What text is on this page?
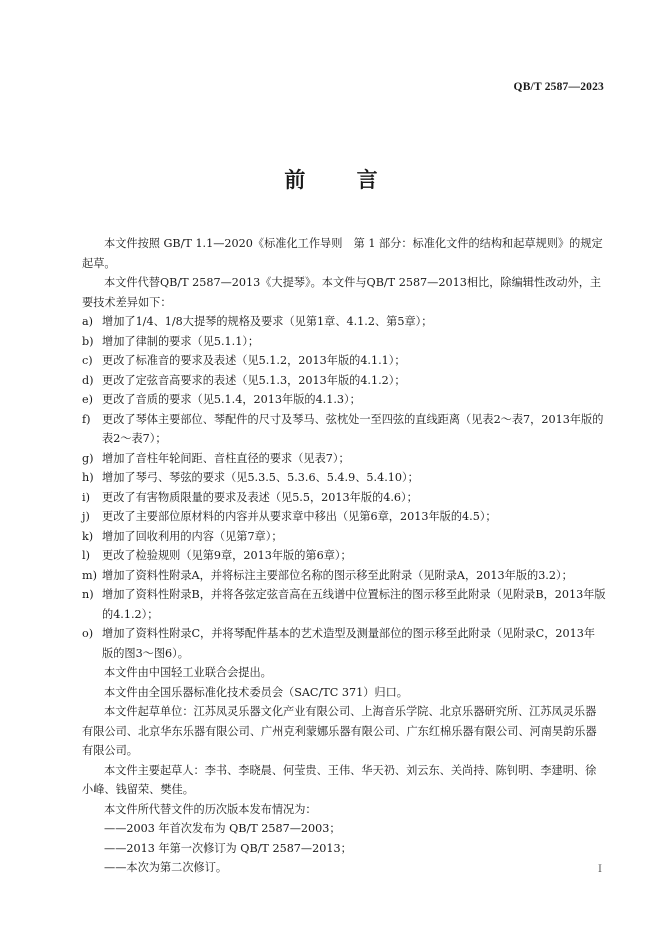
QB/T 2587—2023
前 言

本文件按照 GB/T 1.1—2020《标准化工作导则　第 1 部分：标准化文件的结构和起草规则》的规定起草。

本文件代替QB/T 2587—2013《大提琴》。本文件与QB/T 2587—2013相比，除编辑性改动外，主要技术差异如下：

a) 增加了1/4、1/8大提琴的规格及要求（见第1章、4.1.2、第5章）；
b) 增加了律制的要求（见5.1.1）；
c) 更改了标准音的要求及表述（见5.1.2，2013年版的4.1.1）；
d) 更改了定弦音高要求的表述（见5.1.3，2013年版的4.1.2）；
e) 更改了音质的要求（见5.1.4，2013年版的4.1.3）；
f)	更改了琴体主要部位、琴配件的尺寸及琴马、弦枕处一至四弦的直线距离（见表2～表7，2013年版的表2～表7）；
g) 增加了音柱年轮间距、音柱直径的要求（见表7）；
h) 增加了琴弓、琴弦的要求（见5.3.5、5.3.6、5.4.9、5.4.10）；
i)	更改了有害物质限量的要求及表述（见5.5，2013年版的4.6）；
j)	更改了主要部位原材料的内容并从要求章中移出（见第6章，2013年版的4.5）；
k) 增加了回收利用的内容（见第7章）；
l)	更改了检验规则（见第9章，2013年版的第6章）；
m) 增加了资料性附录A，并将标注主要部位名称的图示移至此附录（见附录A，2013年版的3.2）；
n) 增加了资料性附录B，并将各弦定弦音高在五线谱中位置标注的图示移至此附录（见附录B，2013年版的4.1.2）；
o) 增加了资料性附录C，并将琴配件基本的艺术造型及测量部位的图示移至此附录（见附录C，2013年版的图3～图6）。

本文件由中国轻工业联合会提出。

本文件由全国乐器标准化技术委员会（SAC/TC 371）归口。

本文件起草单位：江苏凤灵乐器文化产业有限公司、上海音乐学院、北京乐器研究所、江苏凤灵乐器有限公司、北京华东乐器有限公司、广州克利蒙娜乐器有限公司、广东红棉乐器有限公司、河南昊韵乐器有限公司。

本文件主要起草人：李书、李晓晨、何莹贵、王伟、华天礽、刘云东、关尚持、陈钊明、李建明、徐小峰、钱留荣、樊佳。

本文件所代替文件的历次版本发布情况为：

——2003 年首次发布为 QB/T 2587—2003；

——2013 年第一次修订为 QB/T 2587—2013；

——本次为第二次修订。	I
